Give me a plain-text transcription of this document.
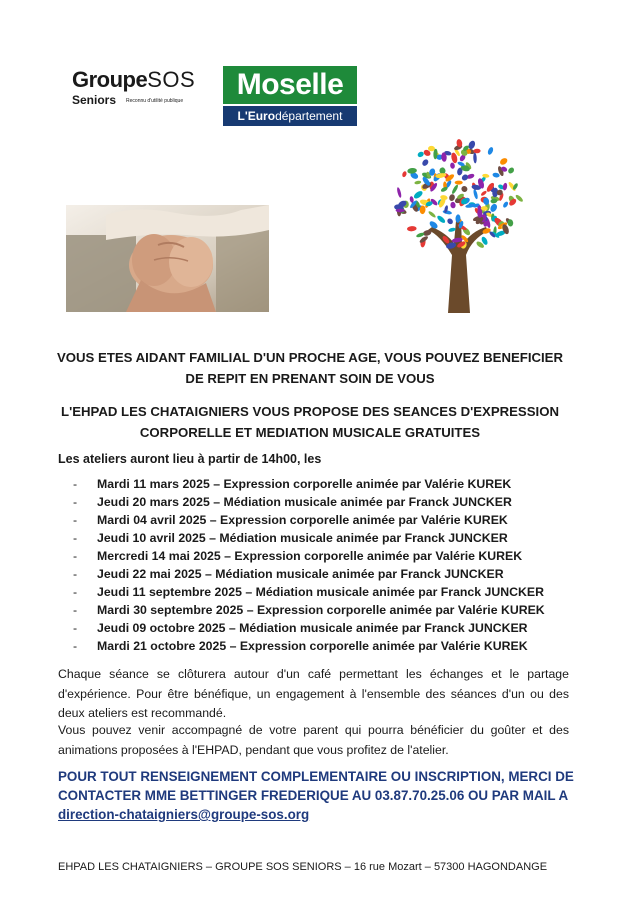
GroupeSOS
Seniors Reconnu d'utilité publique	Moselle
L'Eurodépartement
VOUS ETES AIDANT FAMILIAL D'UN PROCHE AGE, VOUS POUVEZ BENEFICIER
DE REPIT EN PRENANT SOIN DE VOUS
L'EHPAD LES CHATAIGNIERS VOUS PROPOSE DES SEANCES D'EXPRESSION
CORPORELLE ET MEDIATION MUSICALE GRATUITES
Les ateliers auront lieu à partir de 14h00, les
- Mardi 11 mars 2025 – Expression corporelle animée par Valérie KUREK
- Jeudi 20 mars 2025 – Médiation musicale animée par Franck JUNCKER
- Mardi 04 avril 2025 – Expression corporelle animée par Valérie KUREK
- Jeudi 10 avril 2025 – Médiation musicale animée par Franck JUNCKER
- Mercredi 14 mai 2025 – Expression corporelle animée par Valérie KUREK
- Jeudi 22 mai 2025 – Médiation musicale animée par Franck JUNCKER
- Jeudi 11 septembre 2025 – Médiation musicale animée par Franck JUNCKER
- Mardi 30 septembre 2025 – Expression corporelle animée par Valérie KUREK
- Jeudi 09 octobre 2025 – Médiation musicale animée par Franck JUNCKER
- Mardi 21 octobre 2025 – Expression corporelle animée par Valérie KUREK
Chaque séance se clôturera autour d'un café permettant les échanges et le partage d'expérience. Pour être bénéfique, un engagement à l'ensemble des séances d'un ou des deux ateliers est recommandé.
Vous pouvez venir accompagné de votre parent qui pourra bénéficier du goûter et des animations proposées à l'EHPAD, pendant que vous profitez de l'atelier.
POUR TOUT RENSEIGNEMENT COMPLEMENTAIRE OU INSCRIPTION, MERCI DE
CONTACTER MME BETTINGER FREDERIQUE AU 03.87.70.25.06 OU PAR MAIL A
direction-chataigniers@groupe-sos.org
EHPAD LES CHATAIGNIERS – GROUPE SOS SENIORS – 16 rue Mozart – 57300 HAGONDANGE
